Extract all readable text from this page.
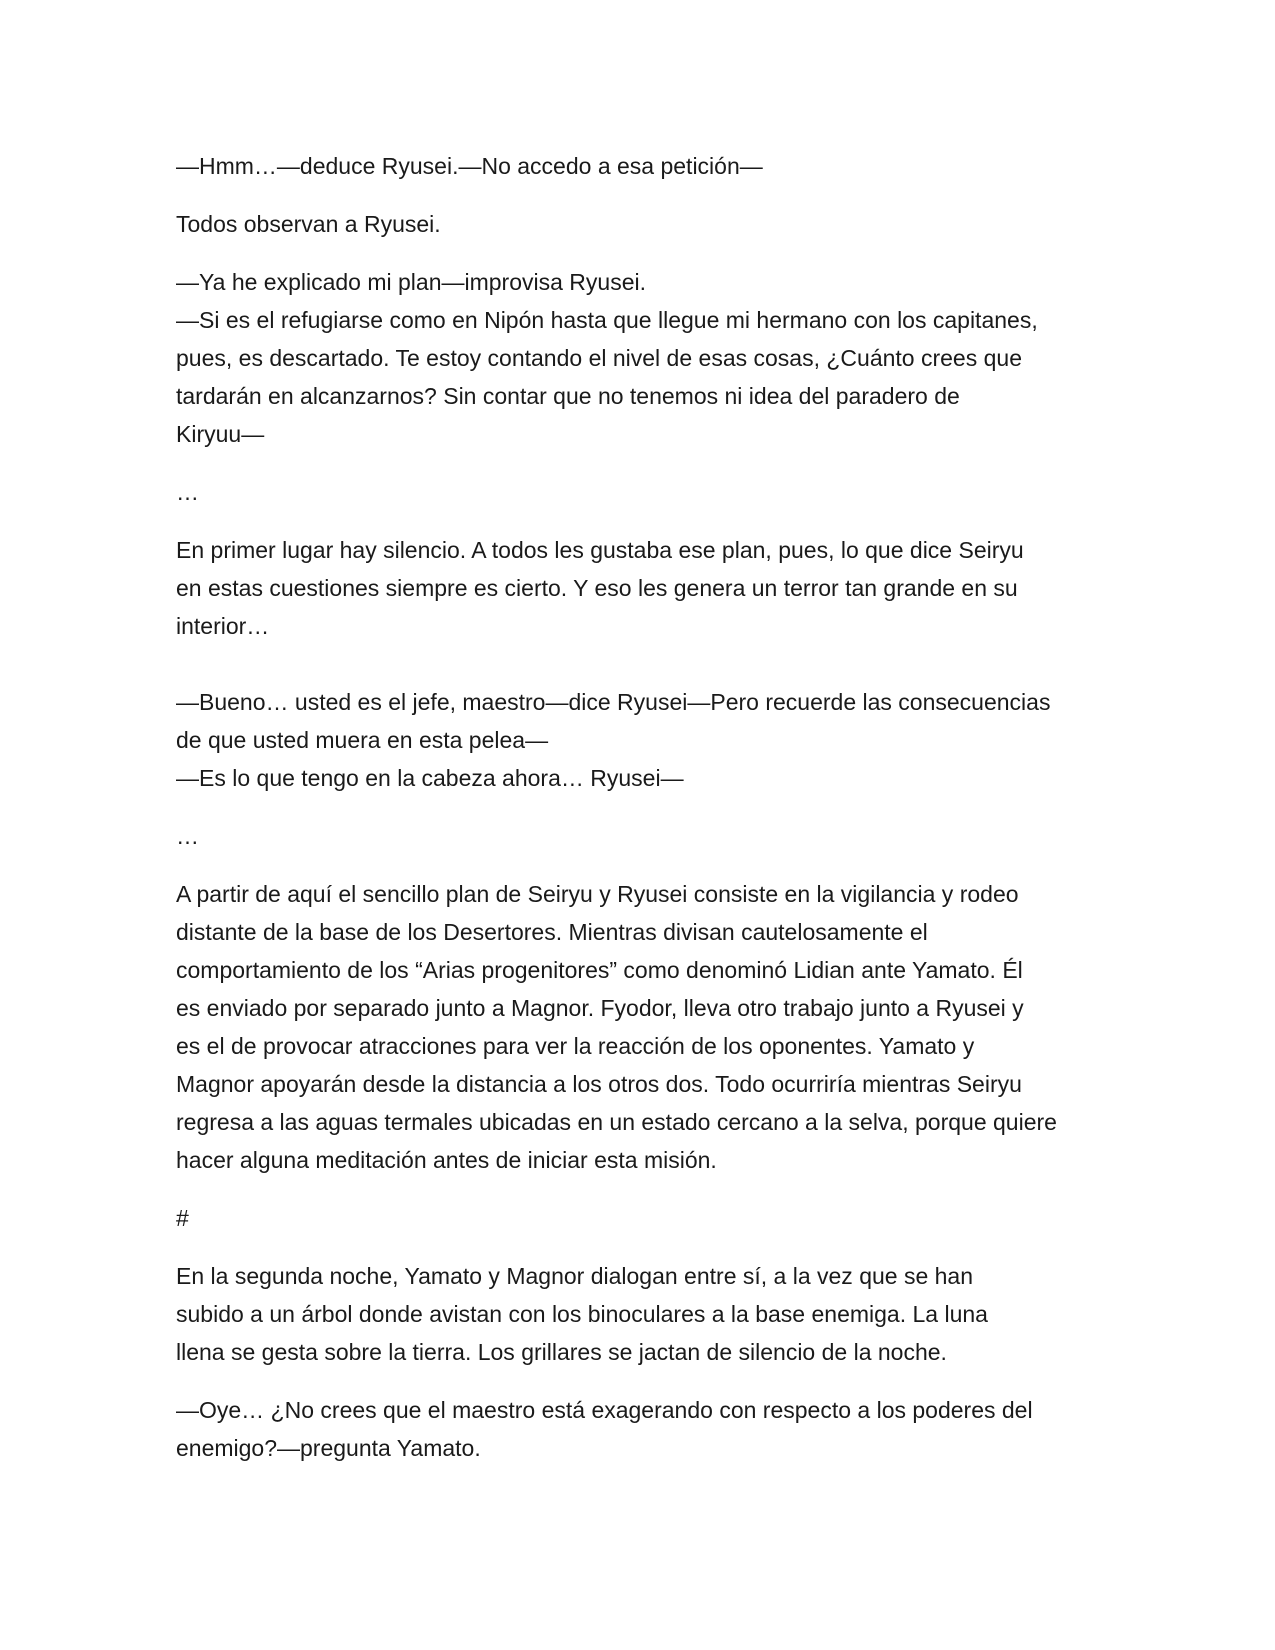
—Hmm…—deduce Ryusei.—No accedo a esa petición—

Todos observan a Ryusei.

—Ya he explicado mi plan—improvisa Ryusei.
—Si es el refugiarse como en Nipón hasta que llegue mi hermano con los capitanes,
pues, es descartado. Te estoy contando el nivel de esas cosas, ¿Cuánto crees que
tardarán en alcanzarnos? Sin contar que no tenemos ni idea del paradero de
Kiryuu—

…

En primer lugar hay silencio. A todos les gustaba ese plan, pues, lo que dice Seiryu
en estas cuestiones siempre es cierto. Y eso les genera un terror tan grande en su
interior…

—Bueno… usted es el jefe, maestro—dice Ryusei—Pero recuerde las consecuencias
de que usted muera en esta pelea—
—Es lo que tengo en la cabeza ahora… Ryusei—

…

A partir de aquí el sencillo plan de Seiryu y Ryusei consiste en la vigilancia y rodeo
distante de la base de los Desertores. Mientras divisan cautelosamente el
comportamiento de los “Arias progenitores” como denominó Lidian ante Yamato. Él
es enviado por separado junto a Magnor. Fyodor, lleva otro trabajo junto a Ryusei y
es el de provocar atracciones para ver la reacción de los oponentes. Yamato y
Magnor apoyarán desde la distancia a los otros dos. Todo ocurriría mientras Seiryu
regresa a las aguas termales ubicadas en un estado cercano a la selva, porque quiere
hacer alguna meditación antes de iniciar esta misión.

#

En la segunda noche, Yamato y Magnor dialogan entre sí, a la vez que se han
subido a un árbol donde avistan con los binoculares a la base enemiga. La luna
llena se gesta sobre la tierra. Los grillares se jactan de silencio de la noche.

—Oye… ¿No crees que el maestro está exagerando con respecto a los poderes del
enemigo?—pregunta Yamato.
